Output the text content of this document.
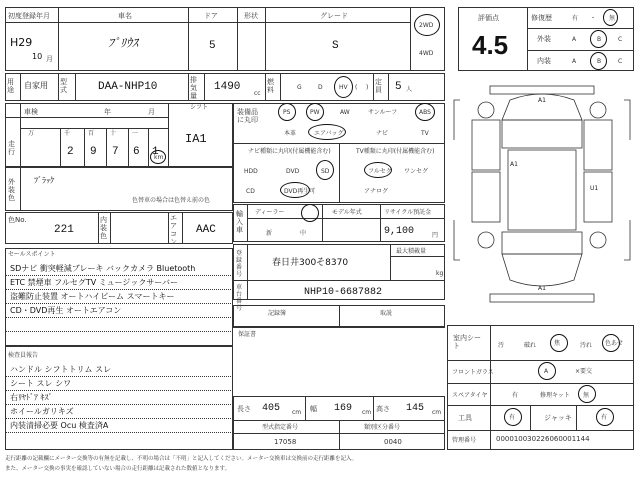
初度登録年月
H29
10 月
車名
ﾌﾟﾘｳｽ
ドア
5
形状	グレード
S
2WD
4WD
評価点
4.5
修復歴	有 ・ 無
外装	A	B	C
内装	A	B	C
用途	自家用 型式	DAA-NHP10
排気量
1490
cc
燃料	G	D	HV ( )
定員	5 人
車検	年	月
走行
万	千	百	十	一
2 9 7 6 1
km
シフト
IA1
外装色
ﾌﾞﾗｯｸ
色替車の場合は色替え前の色
色No.
221
内装色
エアコン
AAC
装備品に丸印
PS	PW	AW	サンルーフ	ABS
本革	エアバッグ	ナビ	TV
ナビ種類に丸印(付属機能含む)
HDD	DVD	SD
CD	DVD再生可
TV種類に丸印(付属機能含む)
フルセグ ワンセグ
アナログ
輸入車
ディーラー
新	中
モデル年式	リサイクル預託金
9,100	円
セールスポイント
SDナビ 衝突軽減ブレーキ バックカメラ Bluetooth
ETC 禁煙車 フルセグTV ミュージックサーバー
盗難防止装置 オートハイビーム スマートキー
CD・DVD再生 オートエアコン
登録番号
春日井300そ8370
最大積載量
kg
車台番号
NHP10-6687882
記録簿	取説
保証書
検査員報告
ハンドル シフトトリム スレ
シート スレ シワ
右ﾘﾔﾄﾞｱ ｷｽﾞ
ホイールガリキズ
内装清掃必要 Ocu 検査済A
長さ 405 cm 幅 169 cm 高さ 145 cm
型式指定番号	類別区分番号
17058	0040
A1
A1
A1
U1
室内シート	汚	破れ	焦	汚れ 色あせ
フロントガラス	A	×要交
スペアタイヤ	有	修理キット 無
工具	有	ジャッキ	有
管理番号	000010030226060001144
走行距離の記載欄にメーター交換等の有無を記載し、不明の場合は「不明」と記入してください。メーター交換車は交換前の走行距離を記入。
また、メーター交換の事実を確認していない場合の走行距離は記載された数値となります。
